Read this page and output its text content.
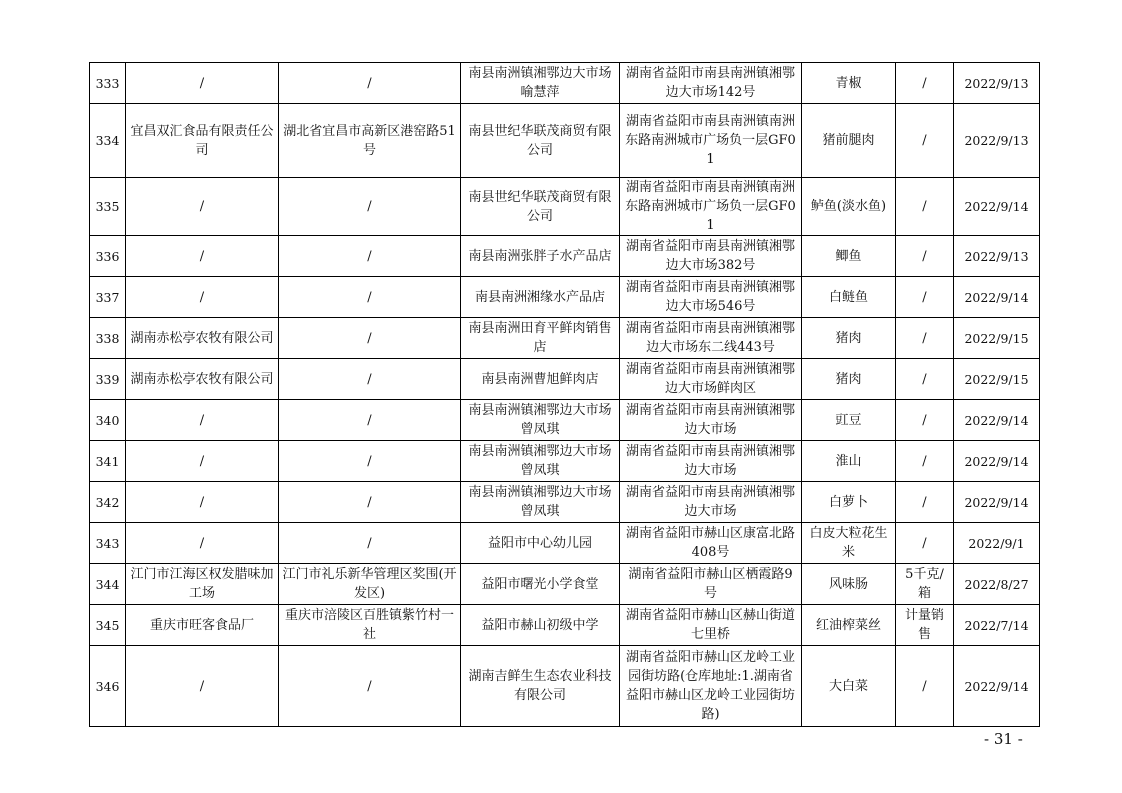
333	/	/	南县南洲镇湘鄂边大市场喻慧萍	湖南省益阳市南县南洲镇湘鄂边大市场142号	青椒	/	2022/9/13
334	宜昌双汇食品有限责任公司	湖北省宜昌市高新区港窑路51号	南县世纪华联茂商贸有限公司	湖南省益阳市南县南洲镇南洲东路南洲城市广场负一层GF01	猪前腿肉	/	2022/9/13
335	/	/	南县世纪华联茂商贸有限公司	湖南省益阳市南县南洲镇南洲东路南洲城市广场负一层GF01	鲈鱼(淡水鱼)	/	2022/9/14
336	/	/	南县南洲张胖子水产品店	湖南省益阳市南县南洲镇湘鄂边大市场382号	鲫鱼	/	2022/9/13
337	/	/	南县南洲湘缘水产品店	湖南省益阳市南县南洲镇湘鄂边大市场546号	白鲢鱼	/	2022/9/14
338	湖南赤松亭农牧有限公司	/	南县南洲田育平鲜肉销售店	湖南省益阳市南县南洲镇湘鄂边大市场东二线443号	猪肉	/	2022/9/15
339	湖南赤松亭农牧有限公司	/	南县南洲曹旭鲜肉店	湖南省益阳市南县南洲镇湘鄂边大市场鲜肉区	猪肉	/	2022/9/15
340	/	/	南县南洲镇湘鄂边大市场曾凤琪	湖南省益阳市南县南洲镇湘鄂边大市场	豇豆	/	2022/9/14
341	/	/	南县南洲镇湘鄂边大市场曾凤琪	湖南省益阳市南县南洲镇湘鄂边大市场	淮山	/	2022/9/14
342	/	/	南县南洲镇湘鄂边大市场曾凤琪	湖南省益阳市南县南洲镇湘鄂边大市场	白萝卜	/	2022/9/14
343	/	/	益阳市中心幼儿园	湖南省益阳市赫山区康富北路408号	白皮大粒花生米	/	2022/9/1
344	江门市江海区权发腊味加工场	江门市礼乐新华管理区奖围(开发区)	益阳市曙光小学食堂	湖南省益阳市赫山区栖霞路9号	风味肠	5千克/箱	2022/8/27
345	重庆市旺客食品厂	重庆市涪陵区百胜镇紫竹村一社	益阳市赫山初级中学	湖南省益阳市赫山区赫山街道七里桥	红油榨菜丝	计量销售	2022/7/14
346	/	/	湖南吉鲜生生态农业科技有限公司	湖南省益阳市赫山区龙岭工业园街坊路(仓库地址:1.湖南省益阳市赫山区龙岭工业园街坊路)	大白菜	/	2022/9/14
- 31 -
